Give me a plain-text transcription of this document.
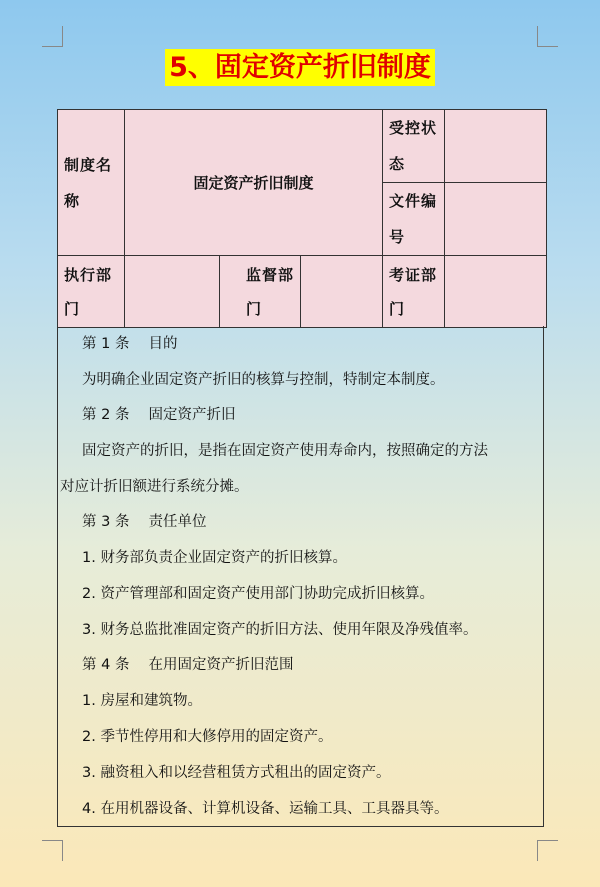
5、固定资产折旧制度
制度名称	固定资产折旧制度			受控状态	
				文件编号	
执行部门		监督部门		考证部门	

第 1 条　 目的

为明确企业固定资产折旧的核算与控制，特制定本制度。

第 2 条　 固定资产折旧

固定资产的折旧，是指在固定资产使用寿命内，按照确定的方法

对应计折旧额进行系统分摊。

第 3 条　 责任单位

1. 财务部负责企业固定资产的折旧核算。

2. 资产管理部和固定资产使用部门协助完成折旧核算。

3. 财务总监批准固定资产的折旧方法、使用年限及净残值率。

第 4 条　 在用固定资产折旧范围

1. 房屋和建筑物。

2. 季节性停用和大修停用的固定资产。

3. 融资租入和以经营租赁方式租出的固定资产。

4. 在用机器设备、计算机设备、运输工具、工具器具等。
